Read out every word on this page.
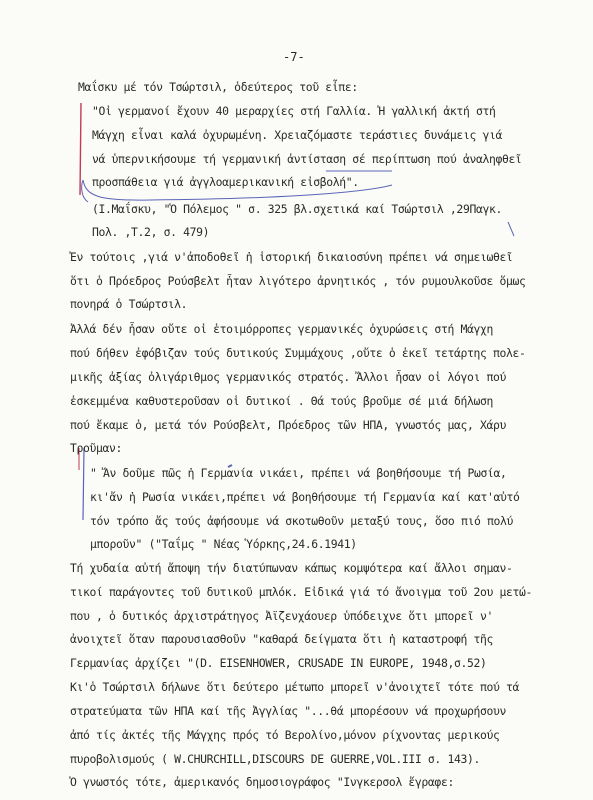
-7-
Μαΐσκυ μέ τόν Τσώρτσιλ, ὁδεύτερος τοῦ εἶπε:
"Οἱ γερμανοί ἔχουν 40 μεραρχίες στή Γαλλία. Ἡ γαλλική ἀκτή στή
Μάγχη εἶναι καλά ὀχυρωμένη. Χρειαζόμαστε τεράστιες δυνάμεις γιά
νά ὑπερνικήσουμε τή γερμανική ἀντίσταση σέ περίπτωση πού ἀναληφθεῖ
προσπάθεια γιά ἀγγλοαμερικανική εἰσβολή".
(Ι.Μαΐσκυ, "Ὁ Πόλεμος " σ. 325 βλ.σχετικά καί Τσώρτσιλ ,29Παγκ.
Πολ. ,Τ.2, σ. 479)
Ἐν τούτοις ,γιά ν'ἀποδοθεῖ ἡ ἱστορική δικαιοσύνη πρέπει νά σημειωθεῖ
ὅτι ὁ Πρόεδρος Ρούσβελτ ἦταν λιγότερο ἀρνητικός , τόν ρυμουλκοῦσε ὅμως
πονηρά ὁ Τσώρτσιλ.
Ἀλλά δέν ἦσαν οὔτε οἱ ἑτοιμόρροπες γερμανικές ὀχυρώσεις στή Μάγχη
πού δήθεν ἐφόβιζαν τούς δυτικούς Συμμάχους ,οὔτε ὁ ἐκεῖ τετάρτης πολε-
μικῆς ἀξίας ὀλιγάριθμος γερμανικός στρατός. Ἄλλοι ἦσαν οἱ λόγοι πού
ἐσκεμμένα καθυστεροῦσαν οἱ δυτικοί . Θά τούς βροῦμε σέ μιά δήλωση
πού ἔκαμε ὁ, μετά τόν Ρούσβελτ, Πρόεδρος τῶν ΗΠΑ, γνωστός μας, Χάρυ
Τροῦμαν:
" Ἄν δοῦμε πῶς ἡ Γερμανία νικάει, πρέπει νά βοηθήσουμε τή Ρωσία,
κι'ἄν ἡ Ρωσία νικάει,πρέπει νά βοηθήσουμε τή Γερμανία καί κατ'αὐτό
τόν τρόπο ἄς τούς ἀφήσουμε νά σκοτωθοῦν μεταξύ τους, ὅσο πιό πολύ
μποροῦν" ("Ταΐμς " Νέας Ὑόρκης,24.6.1941)
Τή χυδαία αὐτή ἄποψη τήν διατύπωναν κάπως κομψότερα καί ἄλλοι σημαν-
τικοί παράγοντες τοῦ δυτικοῦ μπλόκ. Εἰδικά γιά τό ἄνοιγμα τοῦ 2ου μετώ-
που , ὁ δυτικός ἀρχιστράτηγος Ἀϊζενχάουερ ὑπόδειχνε ὅτι μπορεῖ ν'
ἀνοιχτεῖ ὅταν παρουσιασθοῦν "καθαρά δείγματα ὅτι ἡ καταστροφή τῆς
Γερμανίας ἀρχίζει "(D. EISENHOWER, CRUSADE IN EUROPE, 1948,σ.52)
Κι'ὁ Τσώρτσιλ δήλωνε ὅτι δεύτερο μέτωπο μπορεῖ ν'ἀνοιχτεῖ τότε πού τά
στρατεύματα τῶν ΗΠΑ καί τῆς Ἀγγλίας "...θά μπορέσουν νά προχωρήσουν
ἀπό τίς ἀκτές τῆς Μάγχης πρός τό Βερολίνο,μόνον ρίχνοντας μερικούς
πυροβολισμούς ( W.CHURCHILL,DISCOURS DE GUERRE,VOL.III σ. 143).
Ὁ γνωστός τότε, ἀμερικανός δημοσιογράφος "Ινγκερσολ ἔγραφε:
